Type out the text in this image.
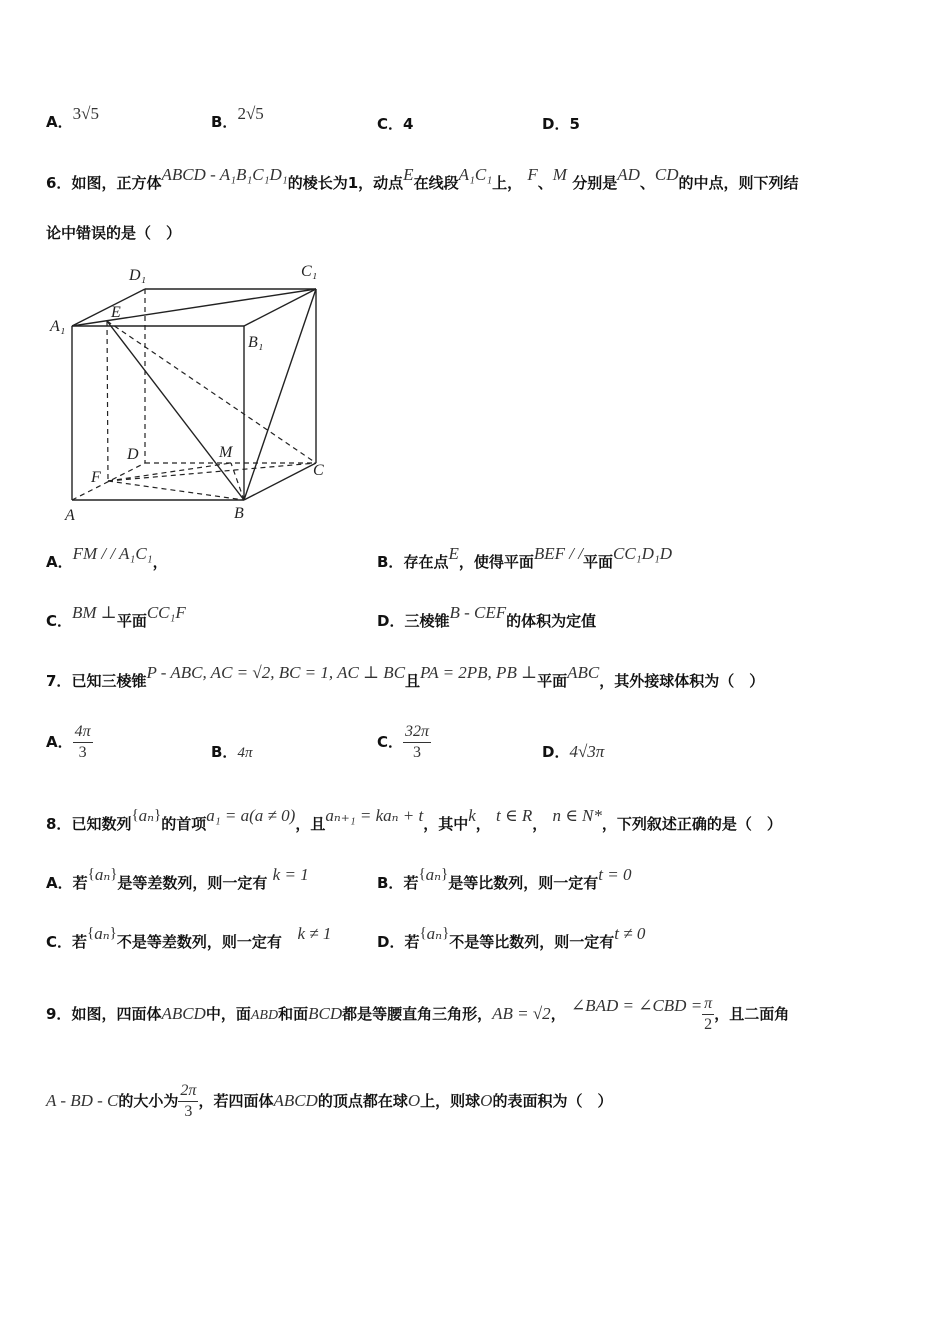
A．3√5	B．2√5
C．4	D．5
6．如图，正方体ABCD - A₁B₁C₁D₁的棱长为1，动点E在线段A₁C₁上， F、M 分别是AD、CD的中点，则下列结
论中错误的是（　）
D₁	C₁
A₁
E
B₁
D	M
F	C
A	B
A．FM / / A₁C₁，	B．存在点E，使得平面BEF / /平面CC₁D₁D
C．BM ⊥平面CC₁F	D．三棱锥B - CEF的体积为定值
7．已知三棱锥P - ABC, AC = √2, BC = 1, AC ⊥ BC且PA = 2PB, PB ⊥平面ABC，其外接球体积为（　）
A． $\frac{4\pi}{3}$	B．4π
C． $\frac{32\pi}{3}$	D．4√3π
8．已知数列{aₙ}的首项a₁ = a(a ≠ 0)，且aₙ₊₁ = kaₙ + t，其中k， t ∈ R， n ∈ N*，下列叙述正确的是（　）
A．若{aₙ}是等差数列，则一定有 k = 1	B．若{aₙ}是等比数列，则一定有t = 0
C．若{aₙ}不是等差数列，则一定有 k ≠ 1	D．若{aₙ}不是等比数列，则一定有t ≠ 0
9．如图，四面体ABCD中，面ABD和面BCD都是等腰直角三角形，AB = √2， ∠BAD = ∠CBD = $\frac{\pi}{2}$ ，且二面角
A - BD - C的大小为 $\frac{2\pi}{3}$ ，若四面体ABCD的顶点都在球O上，则球O的表面积为（　）
